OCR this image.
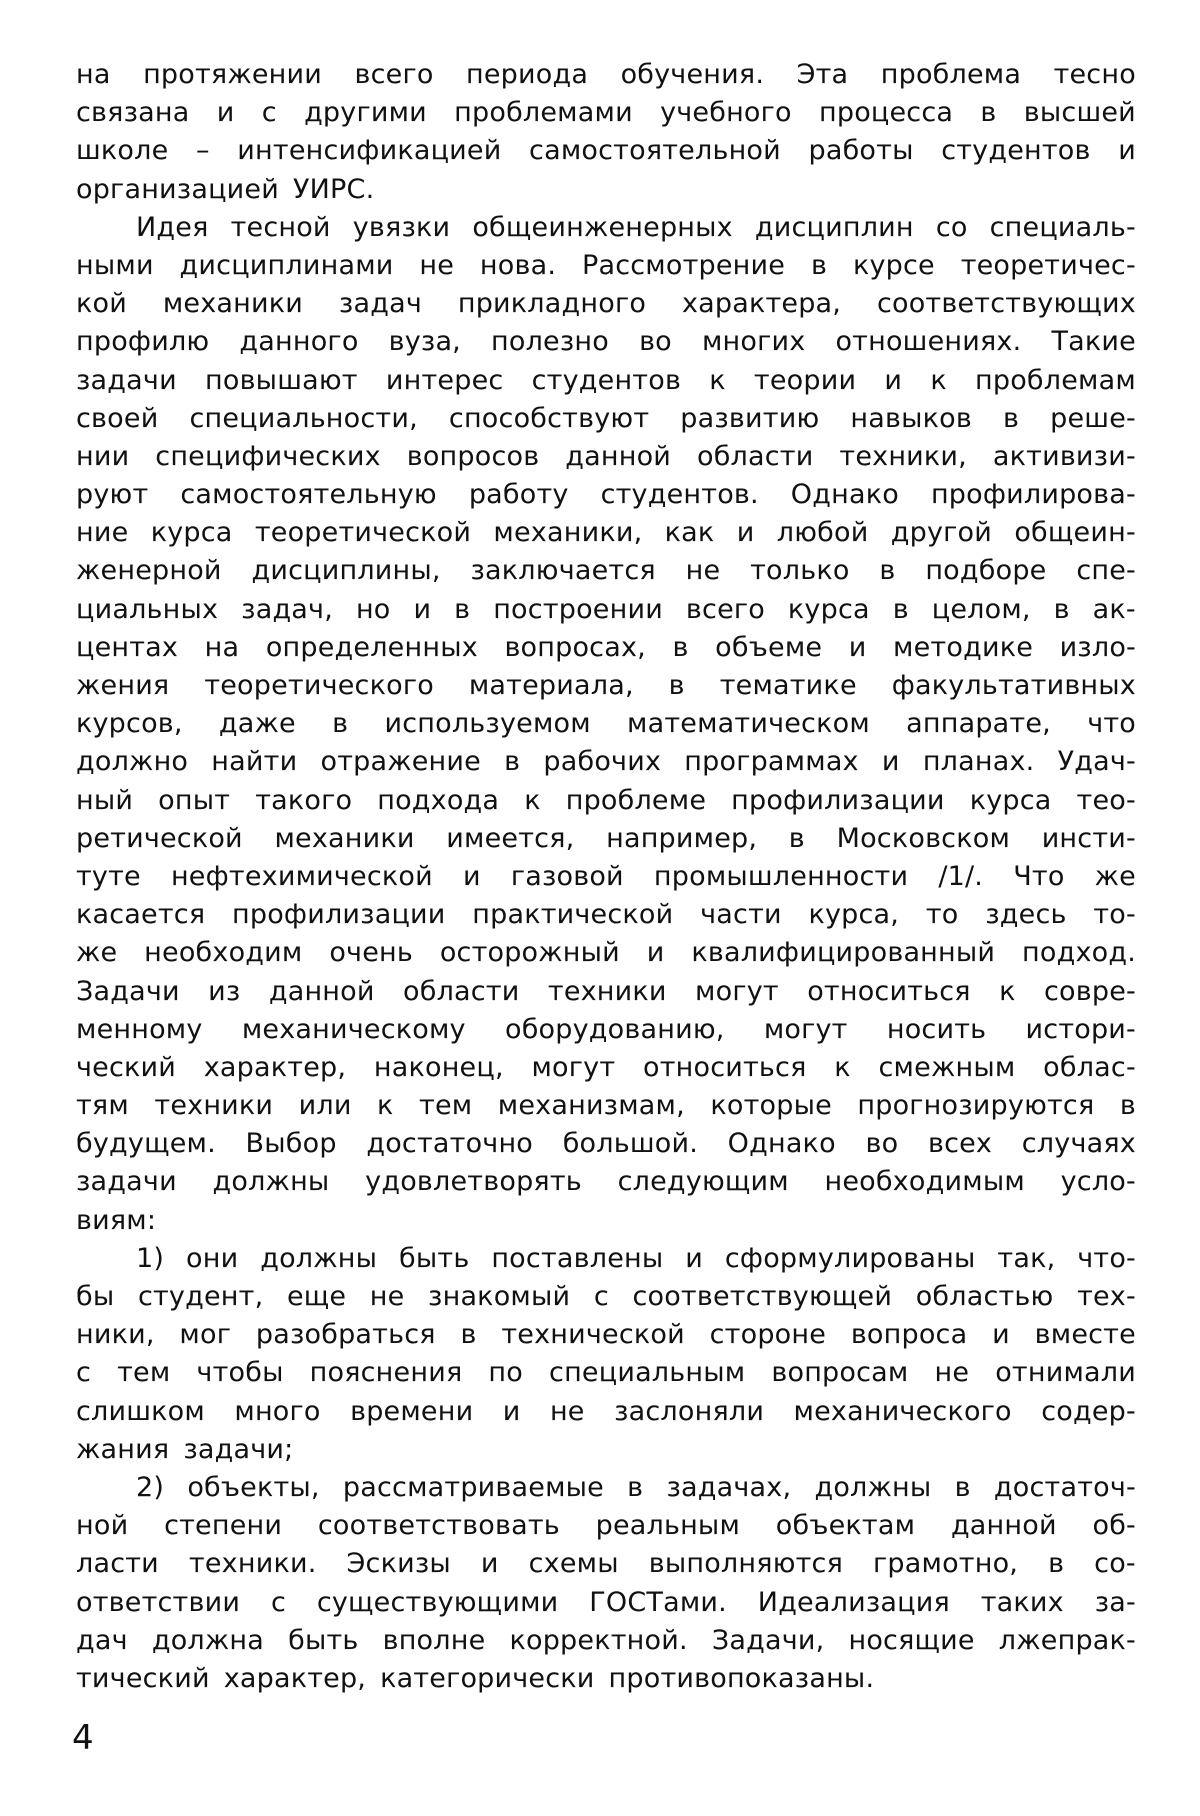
на протяжении всего периода обучения. Эта проблема тесно
связана и с другими проблемами учебного процесса в высшей
школе – интенсификацией самостоятельной работы студентов и
организацией УИРС.
Идея тесной увязки общеинженерных дисциплин со специаль-
ными дисциплинами не нова. Рассмотрение в курсе теоретичес-
кой механики задач прикладного характера, соответствующих
профилю данного вуза, полезно во многих отношениях. Такие
задачи повышают интерес студентов к теории и к проблемам
своей специальности, способствуют развитию навыков в реше-
нии специфических вопросов данной области техники, активизи-
руют самостоятельную работу студентов. Однако профилирова-
ние курса теоретической механики, как и любой другой общеин-
женерной дисциплины, заключается не только в подборе спе-
циальных задач, но и в построении всего курса в целом, в ак-
центах на определенных вопросах, в объеме и методике изло-
жения теоретического материала, в тематике факультативных
курсов, даже в используемом математическом аппарате, что
должно найти отражение в рабочих программах и планах. Удач-
ный опыт такого подхода к проблеме профилизации курса тео-
ретической механики имеется, например, в Московском инсти-
туте нефтехимической и газовой промышленности /1/. Что же
касается профилизации практической части курса, то здесь то-
же необходим очень осторожный и квалифицированный подход.
Задачи из данной области техники могут относиться к совре-
менному механическому оборудованию, могут носить истори-
ческий характер, наконец, могут относиться к смежным облас-
тям техники или к тем механизмам, которые прогнозируются в
будущем. Выбор достаточно большой. Однако во всех случаях
задачи должны удовлетворять следующим необходимым усло-
виям:
1) они должны быть поставлены и сформулированы так, что-
бы студент, еще не знакомый с соответствующей областью тех-
ники, мог разобраться в технической стороне вопроса и вместе
с тем чтобы пояснения по специальным вопросам не отнимали
слишком много времени и не заслоняли механического содер-
жания задачи;
2) объекты, рассматриваемые в задачах, должны в достаточ-
ной степени соответствовать реальным объектам данной об-
ласти техники. Эскизы и схемы выполняются грамотно, в со-
ответствии с существующими ГОСТами. Идеализация таких за-
дач должна быть вполне корректной. Задачи, носящие лжепрак-
тический характер, категорически противопоказаны.
4
